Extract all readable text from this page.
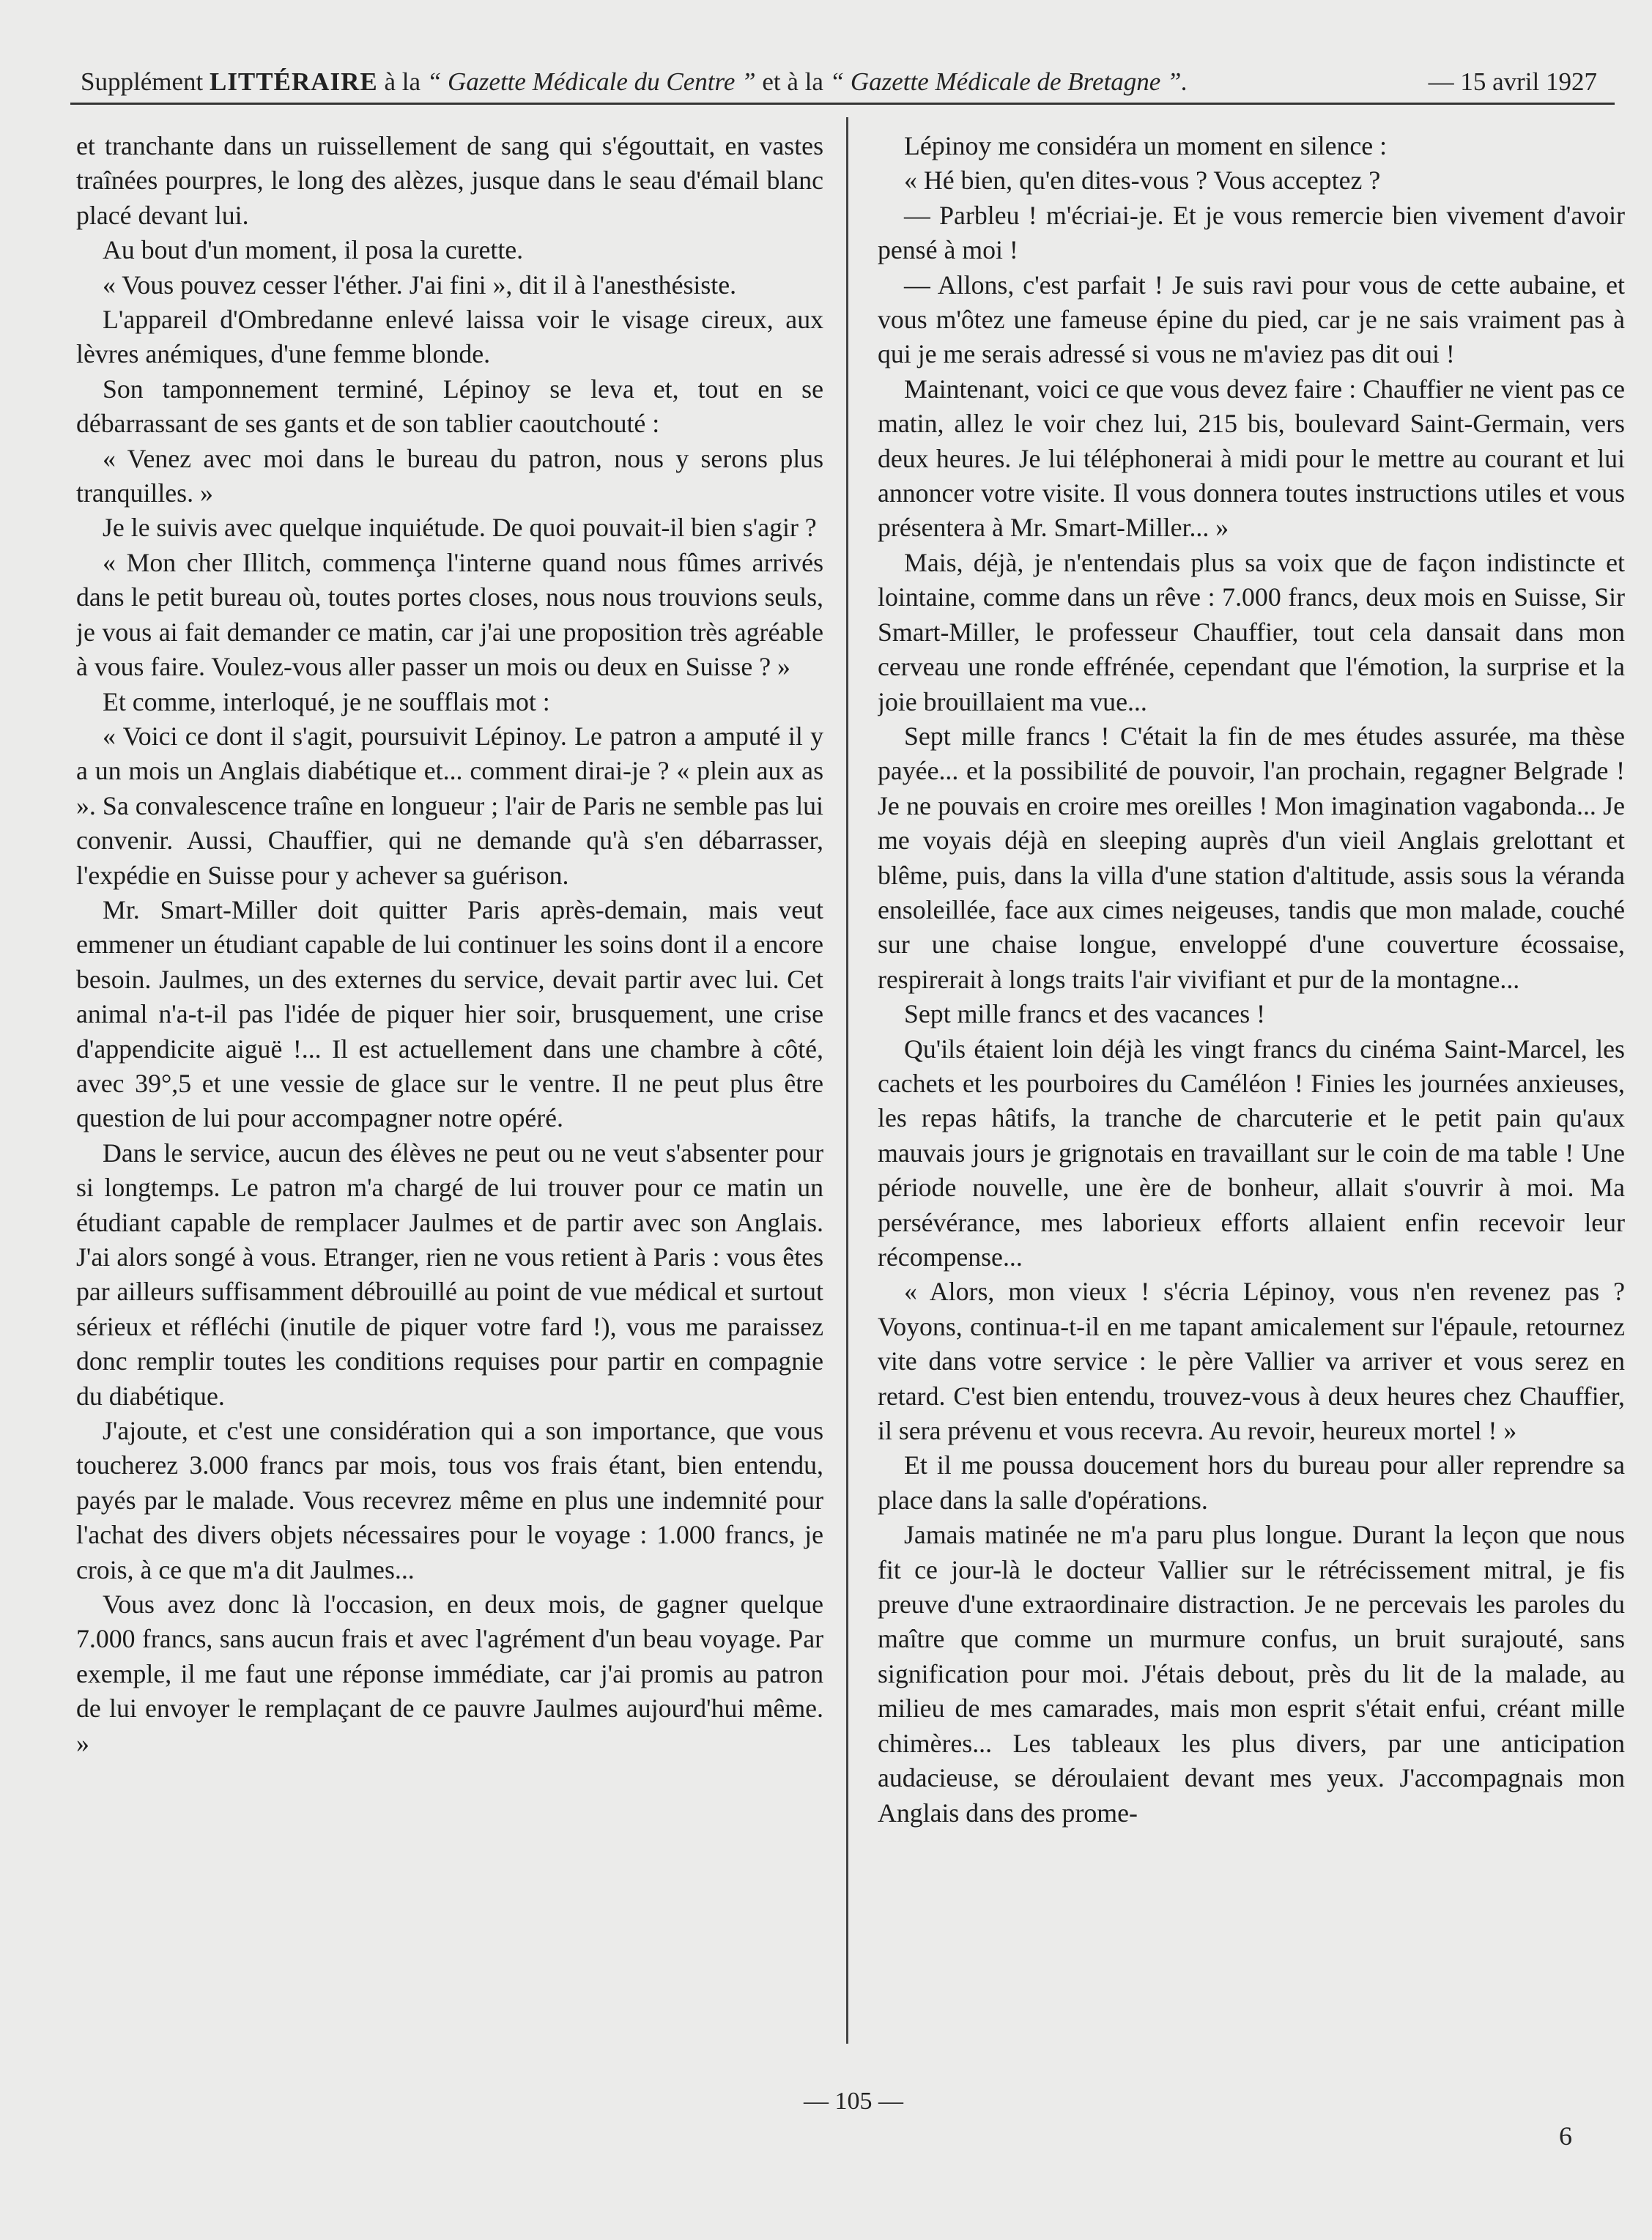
Supplément LITTÉRAIRE à la “ Gazette Médicale du Centre ” et à la “ Gazette Médicale de Bretagne ”.	— 15 avril 1927

et tranchante dans un ruissellement de sang qui s'égouttait, en vastes traînées pourpres, le long des alèzes, jusque dans le seau d'émail blanc placé devant lui.

Au bout d'un moment, il posa la curette.

« Vous pouvez cesser l'éther. J'ai fini », dit il à l'anesthésiste.

L'appareil d'Ombredanne enlevé laissa voir le visage cireux, aux lèvres anémiques, d'une femme blonde.

Son tamponnement terminé, Lépinoy se leva et, tout en se débarrassant de ses gants et de son tablier caoutchouté :

« Venez avec moi dans le bureau du patron, nous y serons plus tranquilles. »

Je le suivis avec quelque inquiétude. De quoi pouvait-il bien s'agir ?

« Mon cher Illitch, commença l'interne quand nous fûmes arrivés dans le petit bureau où, toutes portes closes, nous nous trouvions seuls, je vous ai fait demander ce matin, car j'ai une proposition très agréable à vous faire. Voulez-vous aller passer un mois ou deux en Suisse ? »

Et comme, interloqué, je ne soufflais mot :

« Voici ce dont il s'agit, poursuivit Lépinoy. Le patron a amputé il y a un mois un Anglais diabétique et... comment dirai-je ? « plein aux as ». Sa convalescence traîne en longueur ; l'air de Paris ne semble pas lui convenir. Aussi, Chauffier, qui ne demande qu'à s'en débarrasser, l'expédie en Suisse pour y achever sa guérison.

Mr. Smart-Miller doit quitter Paris après-demain, mais veut emmener un étudiant capable de lui continuer les soins dont il a encore besoin. Jaulmes, un des externes du service, devait partir avec lui. Cet animal n'a-t-il pas l'idée de piquer hier soir, brusquement, une crise d'appendicite aiguë !... Il est actuellement dans une chambre à côté, avec 39°,5 et une vessie de glace sur le ventre. Il ne peut plus être question de lui pour accompagner notre opéré.

Dans le service, aucun des élèves ne peut ou ne veut s'absenter pour si longtemps. Le patron m'a chargé de lui trouver pour ce matin un étudiant capable de remplacer Jaulmes et de partir avec son Anglais. J'ai alors songé à vous. Etranger, rien ne vous retient à Paris : vous êtes par ailleurs suffisamment débrouillé au point de vue médical et surtout sérieux et réfléchi (inutile de piquer votre fard !), vous me paraissez donc remplir toutes les conditions requises pour partir en compagnie du diabétique.

J'ajoute, et c'est une considération qui a son importance, que vous toucherez 3.000 francs par mois, tous vos frais étant, bien entendu, payés par le malade. Vous recevrez même en plus une indemnité pour l'achat des divers objets nécessaires pour le voyage : 1.000 francs, je crois, à ce que m'a dit Jaulmes...

Vous avez donc là l'occasion, en deux mois, de gagner quelque 7.000 francs, sans aucun frais et avec l'agrément d'un beau voyage. Par exemple, il me faut une réponse immédiate, car j'ai promis au patron de lui envoyer le remplaçant de ce pauvre Jaulmes aujourd'hui même. »

Lépinoy me considéra un moment en silence :

« Hé bien, qu'en dites-vous ? Vous acceptez ?

— Parbleu ! m'écriai-je. Et je vous remercie bien vivement d'avoir pensé à moi !

— Allons, c'est parfait ! Je suis ravi pour vous de cette aubaine, et vous m'ôtez une fameuse épine du pied, car je ne sais vraiment pas à qui je me serais adressé si vous ne m'aviez pas dit oui !

Maintenant, voici ce que vous devez faire : Chauffier ne vient pas ce matin, allez le voir chez lui, 215 bis, boulevard Saint-Germain, vers deux heures. Je lui téléphonerai à midi pour le mettre au courant et lui annoncer votre visite. Il vous donnera toutes instructions utiles et vous présentera à Mr. Smart-Miller... »

Mais, déjà, je n'entendais plus sa voix que de façon indistincte et lointaine, comme dans un rêve : 7.000 francs, deux mois en Suisse, Sir Smart-Miller, le professeur Chauffier, tout cela dansait dans mon cerveau une ronde effrénée, cependant que l'émotion, la surprise et la joie brouillaient ma vue...

Sept mille francs ! C'était la fin de mes études assurée, ma thèse payée... et la possibilité de pouvoir, l'an prochain, regagner Belgrade ! Je ne pouvais en croire mes oreilles ! Mon imagination vagabonda... Je me voyais déjà en sleeping auprès d'un vieil Anglais grelottant et blême, puis, dans la villa d'une station d'altitude, assis sous la véranda ensoleillée, face aux cimes neigeuses, tandis que mon malade, couché sur une chaise longue, enveloppé d'une couverture écossaise, respirerait à longs traits l'air vivifiant et pur de la montagne...

Sept mille francs et des vacances !

Qu'ils étaient loin déjà les vingt francs du cinéma Saint-Marcel, les cachets et les pourboires du Caméléon ! Finies les journées anxieuses, les repas hâtifs, la tranche de charcuterie et le petit pain qu'aux mauvais jours je grignotais en travaillant sur le coin de ma table ! Une période nouvelle, une ère de bonheur, allait s'ouvrir à moi. Ma persévérance, mes laborieux efforts allaient enfin recevoir leur récompense...

« Alors, mon vieux ! s'écria Lépinoy, vous n'en revenez pas ? Voyons, continua-t-il en me tapant amicalement sur l'épaule, retournez vite dans votre service : le père Vallier va arriver et vous serez en retard. C'est bien entendu, trouvez-vous à deux heures chez Chauffier, il sera prévenu et vous recevra. Au revoir, heureux mortel ! »

Et il me poussa doucement hors du bureau pour aller reprendre sa place dans la salle d'opérations.

Jamais matinée ne m'a paru plus longue. Durant la leçon que nous fit ce jour-là le docteur Vallier sur le rétrécissement mitral, je fis preuve d'une extraordinaire distraction. Je ne percevais les paroles du maître que comme un murmure confus, un bruit surajouté, sans signification pour moi. J'étais debout, près du lit de la malade, au milieu de mes camarades, mais mon esprit s'était enfui, créant mille chimères... Les tableaux les plus divers, par une anticipation audacieuse, se déroulaient devant mes yeux. J'accompagnais mon Anglais dans des prome-

— 105 —
6
